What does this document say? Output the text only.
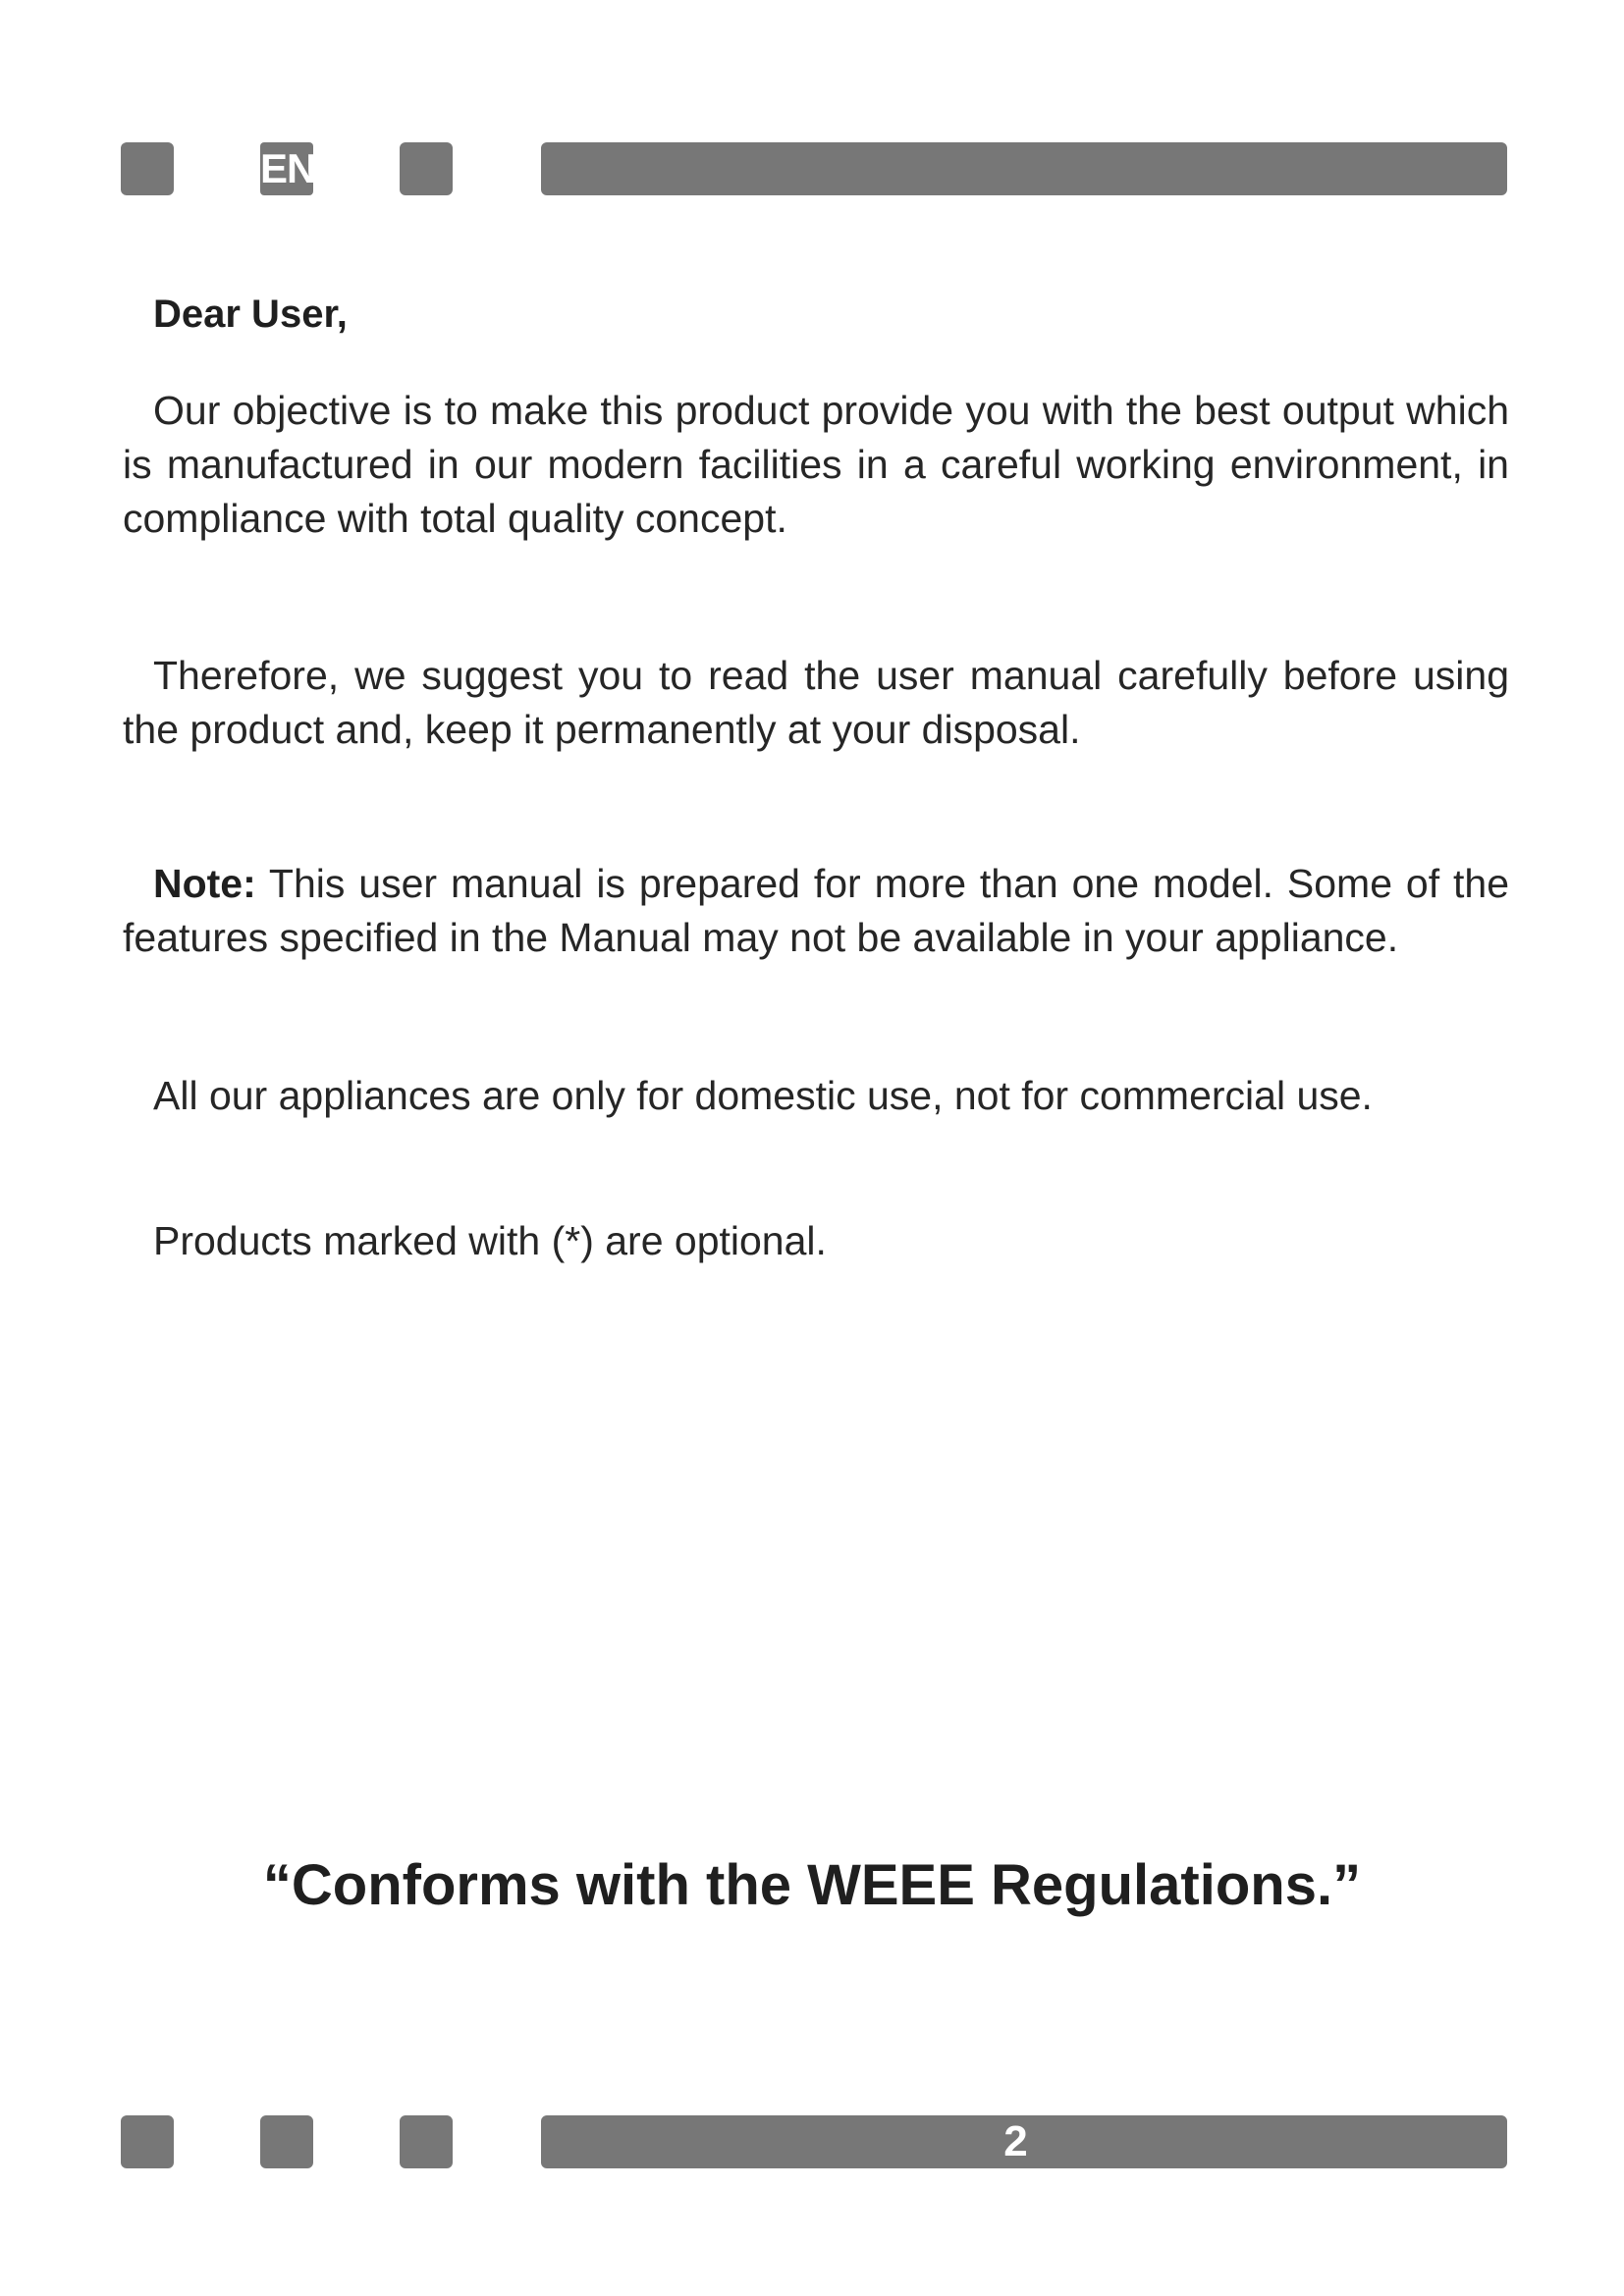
EN

Dear User,

Our objective is to make this product provide you with the best output which is manufactured in our modern facilities in a careful working environment, in compliance with total quality concept.

Therefore, we suggest you to read the user manual carefully before using the product and, keep it permanently at your disposal.

Note: This user manual is prepared for more than one model. Some of the features specified in the Manual may not be available in your appliance.

All our appliances are only for domestic use, not for commercial use.

Products marked with (*) are optional.

“Conforms with the WEEE Regulations.”

2
